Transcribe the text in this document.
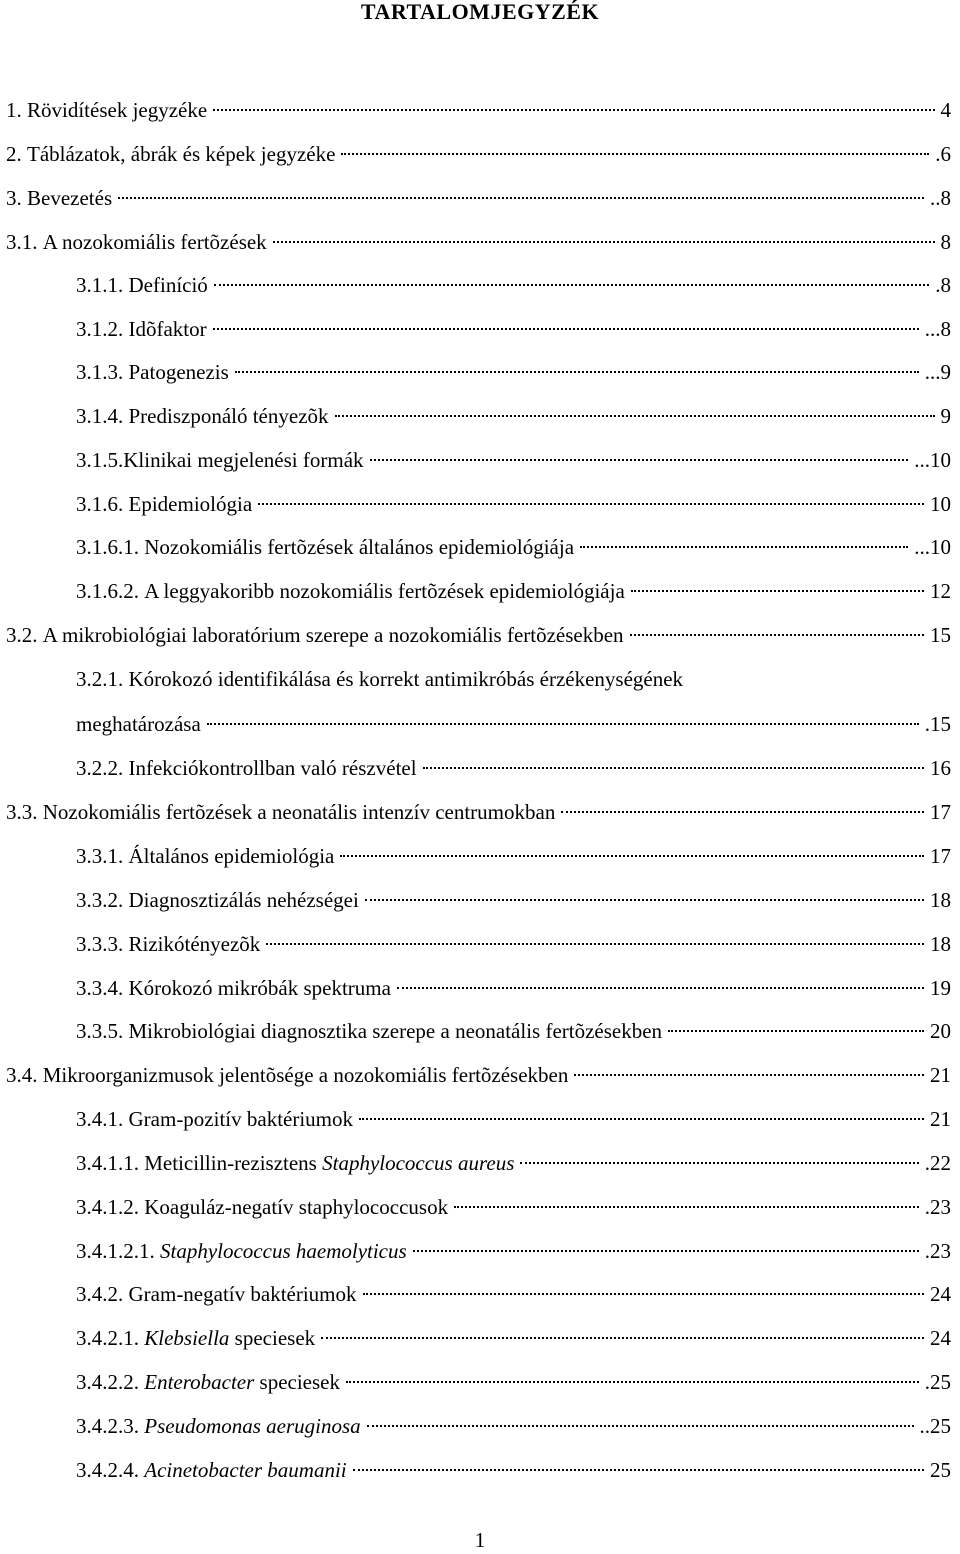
TARTALOMJEGYZÉK
1.
Rövidítések jegyzéke	4
2.
Táblázatok, ábrák és képek jegyzéke	.6
3.
Bevezetés	..8
3.1.
A nozokomiális fertõzések	8
3.1.1.
Definíció	.8
3.1.2.
Idõfaktor	...8
3.1.3.
Patogenezis	...9
3.1.4.
Prediszponáló tényezõk	9
3.1.5. Klinikai megjelenési formák	...10
3.1.6.
Epidemiológia	10
3.1.6.1.
Nozokomiális fertõzések általános epidemiológiája	...10
3.1.6.2.
A leggyakoribb nozokomiális fertõzések epidemiológiája	12
3.2.
A mikrobiológiai laboratórium szerepe a nozokomiális fertõzésekben	15
3.2.1.
Kórokozó identifikálása és korrekt antimikróbás érzékenységének
meghatározása	.15
3.2.2.
Infekciókontrollban való részvétel	16
3.3.
Nozokomiális fertõzések a neonatális intenzív centrumokban	17
3.3.1.
Általános epidemiológia	17
3.3.2.
Diagnosztizálás nehézségei	18
3.3.3.
Rizikótényezõk	18
3.3.4.
Kórokozó mikróbák spektruma	19
3.3.5.
Mikrobiológiai diagnosztika szerepe a neonatális fertõzésekben	20
3.4.
Mikroorganizmusok jelentõsége a nozokomiális fertõzésekben	21
3.4.1.
Gram-pozitív baktériumok	21
3.4.1.1.
Meticillin-rezisztens Staphylococcus aureus	.22
3.4.1.2.
Koaguláz-negatív staphylococcusok	.23
3.4.1.2.1.
Staphylococcus haemolyticus	.23
3.4.2.
Gram-negatív baktériumok	24
3.4.2.1.
Klebsiella speciesek	24
3.4.2.2.
Enterobacter speciesek	.25
3.4.2.3.
Pseudomonas aeruginosa	..25
3.4.2.4.
Acinetobacter baumanii	25
1
